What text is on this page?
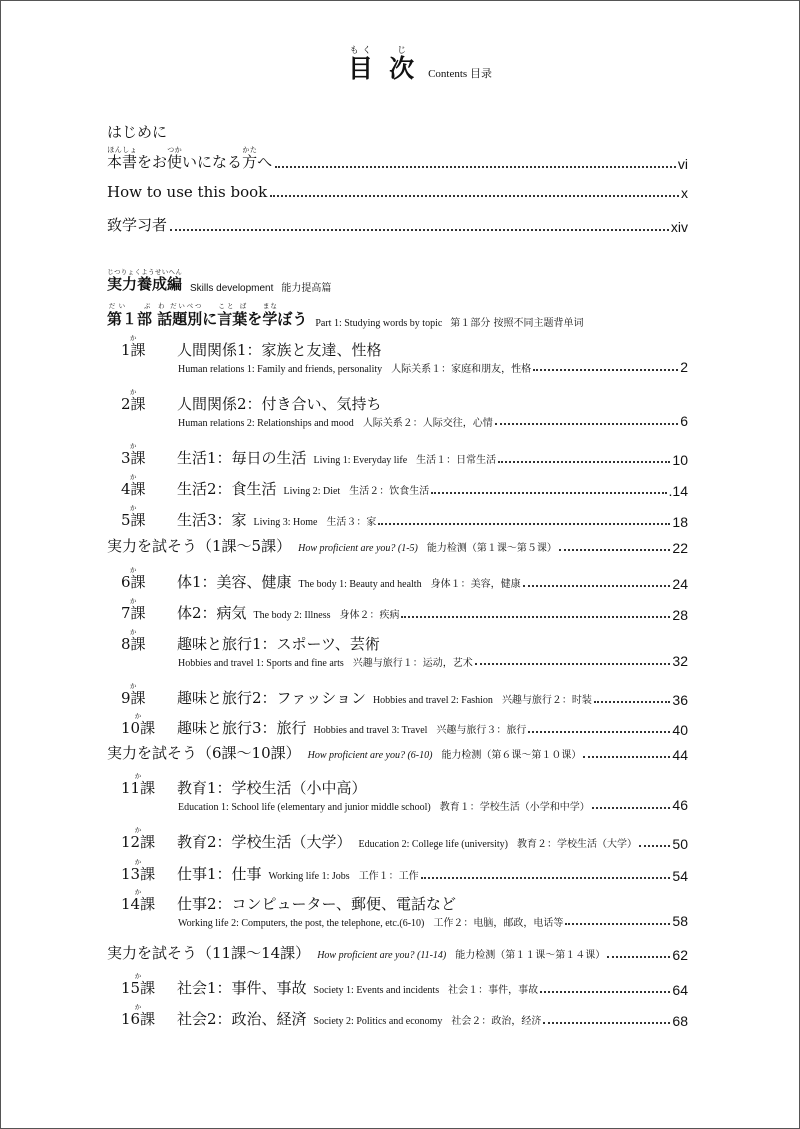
目もく
次じ
Contents 目录
はじめに
本書ほんしょをお使つかいになる方かたへ	vi
How to use this book	x
致学习者	xiv
実力養成編じつりょくようせいへん
Skills development 能力提高篇
第１部だい　 ぶ 話題別わ だいべつに言葉こと ばを学まなぼう Part 1: Studying words by topic 第１部分 按照不同主题背单词
1課か
人間関係1：家族と友達、性格
Human relations 1: Family and friends, personality 人际关系１：家庭和朋友，性格	2
2課か
人間関係2：付き合い、気持ち
Human relations 2: Relationships and mood 人际关系２：人际交往，心情	6
3課か
生活1：毎日の生活 Living 1: Everyday life 生活１：日常生活	10
4課か
生活2：食生活 Living 2: Diet 生活２：饮食生活	.14
5課か
生活3：家 Living 3: Home 生活３：家	18
実力を試そう（1課～5課） How proficient are you? (1-5) 能力检测（第１课～第５课）	22
6課か
体1：美容、健康 The body 1: Beauty and health 身体１：美容，健康	24
7課か
体2：病気 The body 2: Illness 身体２：疾病	28
8課か
趣味と旅行1：スポーツ、芸術
Hobbies and travel 1: Sports and fine arts 兴趣与旅行１：运动，艺术	32
9課か
趣味と旅行2：ファッション Hobbies and travel 2: Fashion 兴趣与旅行２：时装	36
10課か
趣味と旅行3：旅行 Hobbies and travel 3: Travel 兴趣与旅行３：旅行	40
実力を試そう（6課～10課） How proficient are you? (6-10) 能力检测（第６课～第１０课）	44
11課か
教育1：学校生活（小中高）
Education 1: School life (elementary and junior middle school) 教育１：学校生活（小学和中学）	46
12課か
教育2：学校生活（大学） Education 2: College life (university) 教育２：学校生活（大学）	50
13課か
仕事1：仕事 Working life 1: Jobs 工作１：工作	54
14課か
仕事2：コンピューター、郵便、電話など
Working life 2: Computers, the post, the telephone, etc.(6-10) 工作２：电脑，邮政，电话等	58
実力を試そう（11課～14課） How proficient are you? (11-14) 能力检测（第１１课～第１４课）	62
15課か
社会1：事件、事故 Society 1: Events and incidents 社会１：事件，事故	64
16課か
社会2：政治、経済 Society 2: Politics and economy 社会２：政治，经济	68
